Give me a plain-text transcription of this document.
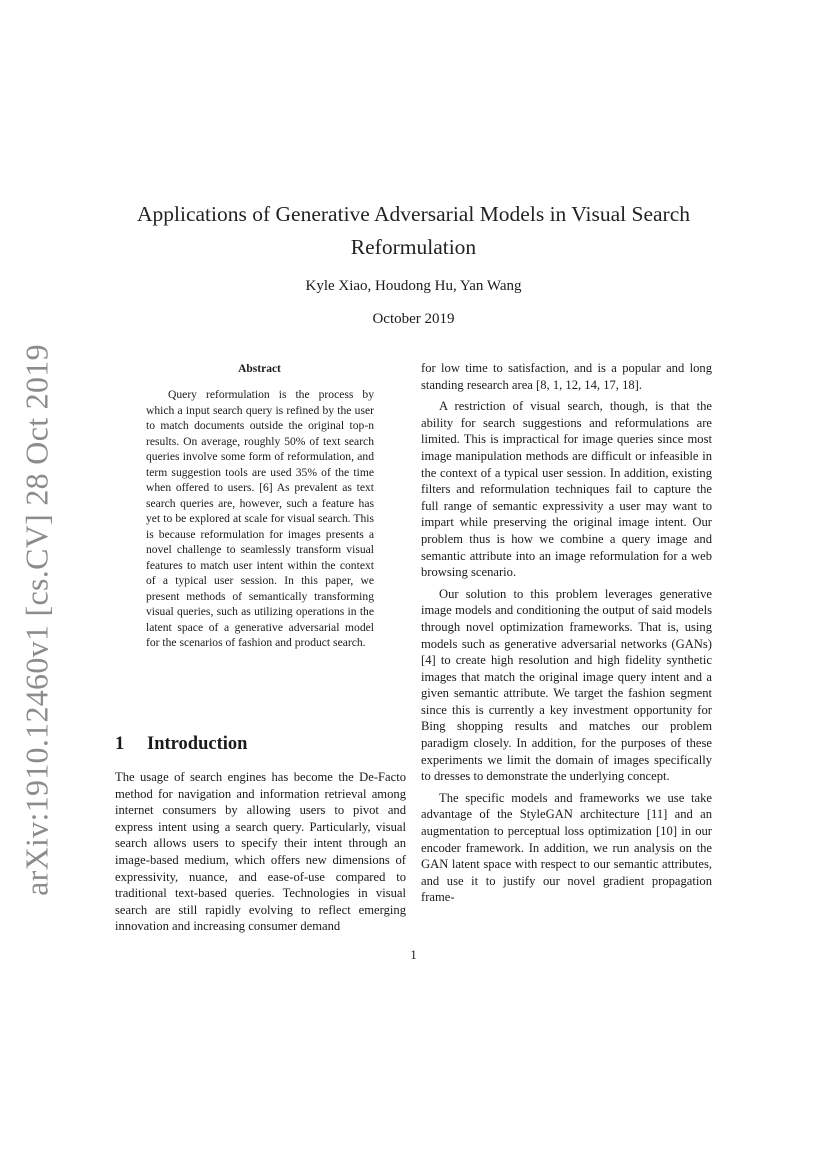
arXiv:1910.12460v1 [cs.CV] 28 Oct 2019
Applications of Generative Adversarial Models in Visual Search Reformulation
Kyle Xiao, Houdong Hu, Yan Wang
October 2019
Abstract

Query reformulation is the process by which a input search query is refined by the user to match documents outside the original top-n results. On average, roughly 50% of text search queries involve some form of reformulation, and term suggestion tools are used 35% of the time when offered to users. [6] As prevalent as text search queries are, however, such a feature has yet to be explored at scale for visual search. This is because reformulation for images presents a novel challenge to seamlessly transform visual features to match user intent within the context of a typical user session. In this paper, we present methods of semantically transforming visual queries, such as utilizing operations in the latent space of a generative adversarial model for the scenarios of fashion and product search.

1 Introduction

The usage of search engines has become the De-Facto method for navigation and information retrieval among internet consumers by allowing users to pivot and express intent using a search query. Particularly, visual search allows users to specify their intent through an image-based medium, which offers new dimensions of expressivity, nuance, and ease-of-use compared to traditional text-based queries. Technologies in visual search are still rapidly evolving to reflect emerging innovation and increasing consumer demand

for low time to satisfaction, and is a popular and long standing research area [8, 1, 12, 14, 17, 18].

A restriction of visual search, though, is that the ability for search suggestions and reformulations are limited. This is impractical for image queries since most image manipulation methods are difficult or infeasible in the context of a typical user session. In addition, existing filters and reformulation techniques fail to capture the full range of semantic expressivity a user may want to impart while preserving the original image intent. Our problem thus is how we combine a query image and semantic attribute into an image reformulation for a web browsing scenario.

Our solution to this problem leverages generative image models and conditioning the output of said models through novel optimization frameworks. That is, using models such as generative adversarial networks (GANs) [4] to create high resolution and high fidelity synthetic images that match the original image query intent and a given semantic attribute. We target the fashion segment since this is currently a key investment opportunity for Bing shopping results and matches our problem paradigm closely. In addition, for the purposes of these experiments we limit the domain of images specifically to dresses to demonstrate the underlying concept.

The specific models and frameworks we use take advantage of the StyleGAN architecture [11] and an augmentation to perceptual loss optimization [10] in our encoder framework. In addition, we run analysis on the GAN latent space with respect to our semantic attributes, and use it to justify our novel gradient propagation frame-

1
